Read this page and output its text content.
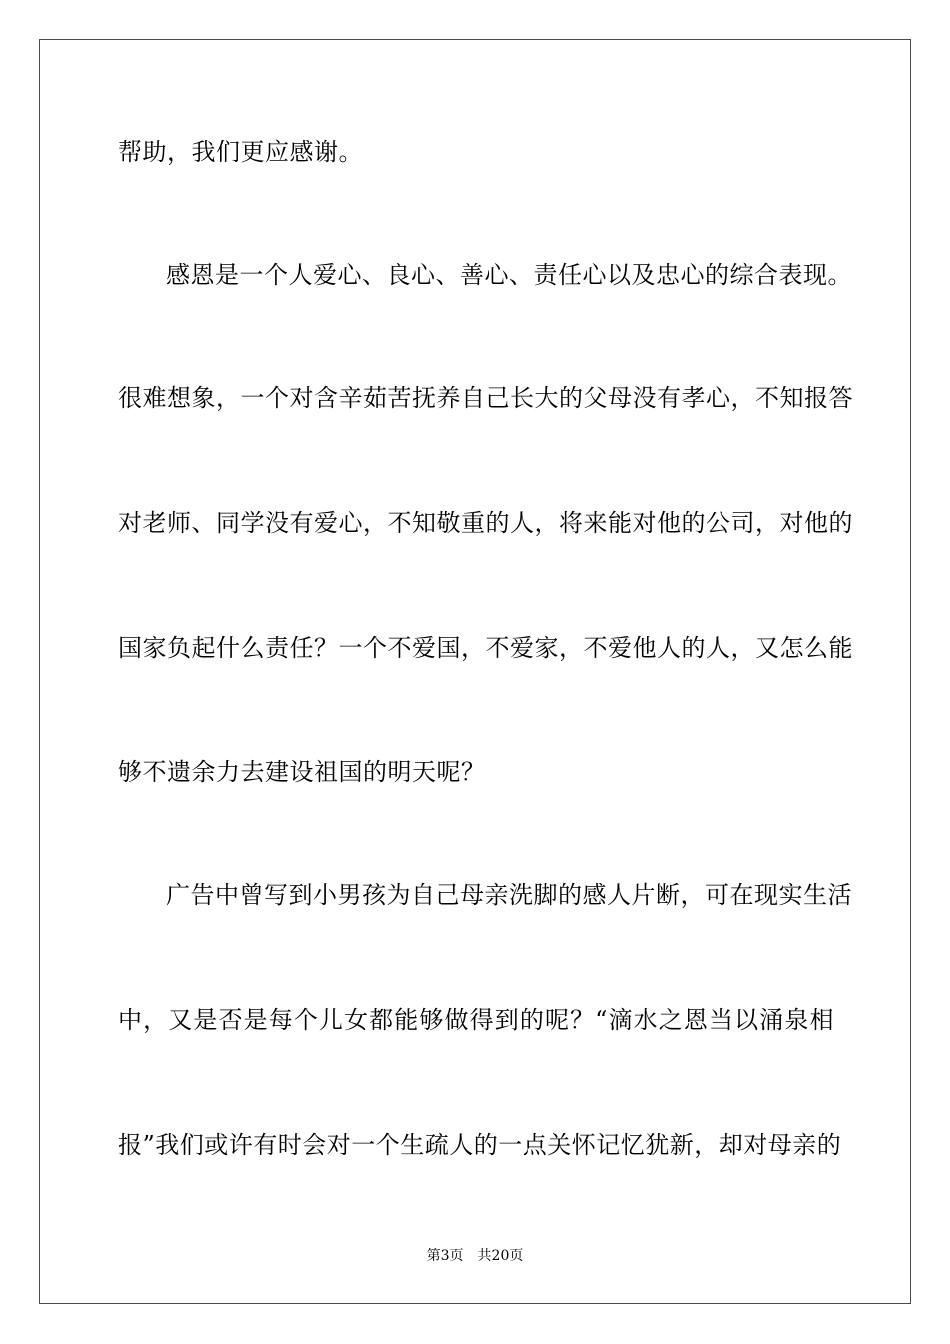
帮助，我们更应感谢。
感恩是一个人爱心、良心、善心、责任心以及忠心的综合表现。
很难想象，一个对含辛茹苦抚养自己长大的父母没有孝心，不知报答
对老师、同学没有爱心，不知敬重的人，将来能对他的公司，对他的
国家负起什么责任？一个不爱国，不爱家，不爱他人的人，又怎么能
够不遗余力去建设祖国的明天呢？
广告中曾写到小男孩为自己母亲洗脚的感人片断，可在现实生活
中，又是否是每个儿女都能够做得到的呢？“滴水之恩当以涌泉相
报”我们或许有时会对一个生疏人的一点关怀记忆犹新，却对母亲的
第3页 共20页
